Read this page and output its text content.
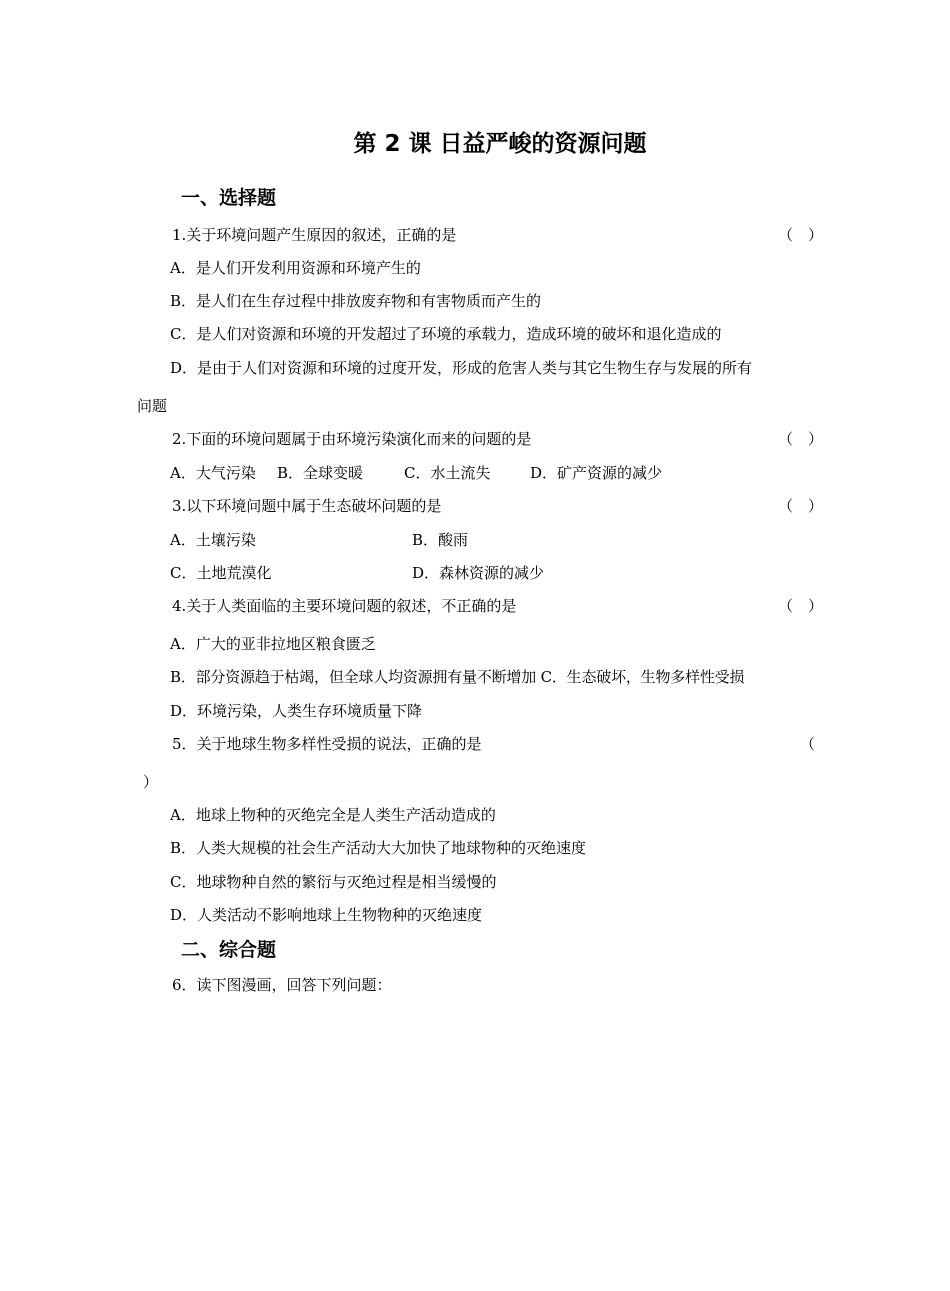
第 2 课 日益严峻的资源问题
一、选择题
1.关于环境问题产生原因的叙述，正确的是	（　）
A．是人们开发利用资源和环境产生的
B．是人们在生存过程中排放废弃物和有害物质而产生的
C．是人们对资源和环境的开发超过了环境的承载力，造成环境的破坏和退化造成的
D．是由于人们对资源和环境的过度开发，形成的危害人类与其它生物生存与发展的所有
问题
2.下面的环境问题属于由环境污染演化而来的问题的是	（　）
A．大气污染 B．全球变暖	C．水土流失	D．矿产资源的减少
3.以下环境问题中属于生态破坏问题的是	（　）
A．土壤污染	B．酸雨
C．土地荒漠化	D．森林资源的减少
4.关于人类面临的主要环境问题的叙述，不正确的是	（　）
A．广大的亚非拉地区粮食匮乏
B．部分资源趋于枯竭，但全球人均资源拥有量不断增加 C．生态破坏，生物多样性受损
D．环境污染，人类生存环境质量下降
5．关于地球生物多样性受损的说法，正确的是	（
）
A．地球上物种的灭绝完全是人类生产活动造成的
B．人类大规模的社会生产活动大大加快了地球物种的灭绝速度
C．地球物种自然的繁衍与灭绝过程是相当缓慢的
D．人类活动不影响地球上生物物种的灭绝速度
二、综合题
6．读下图漫画，回答下列问题：
